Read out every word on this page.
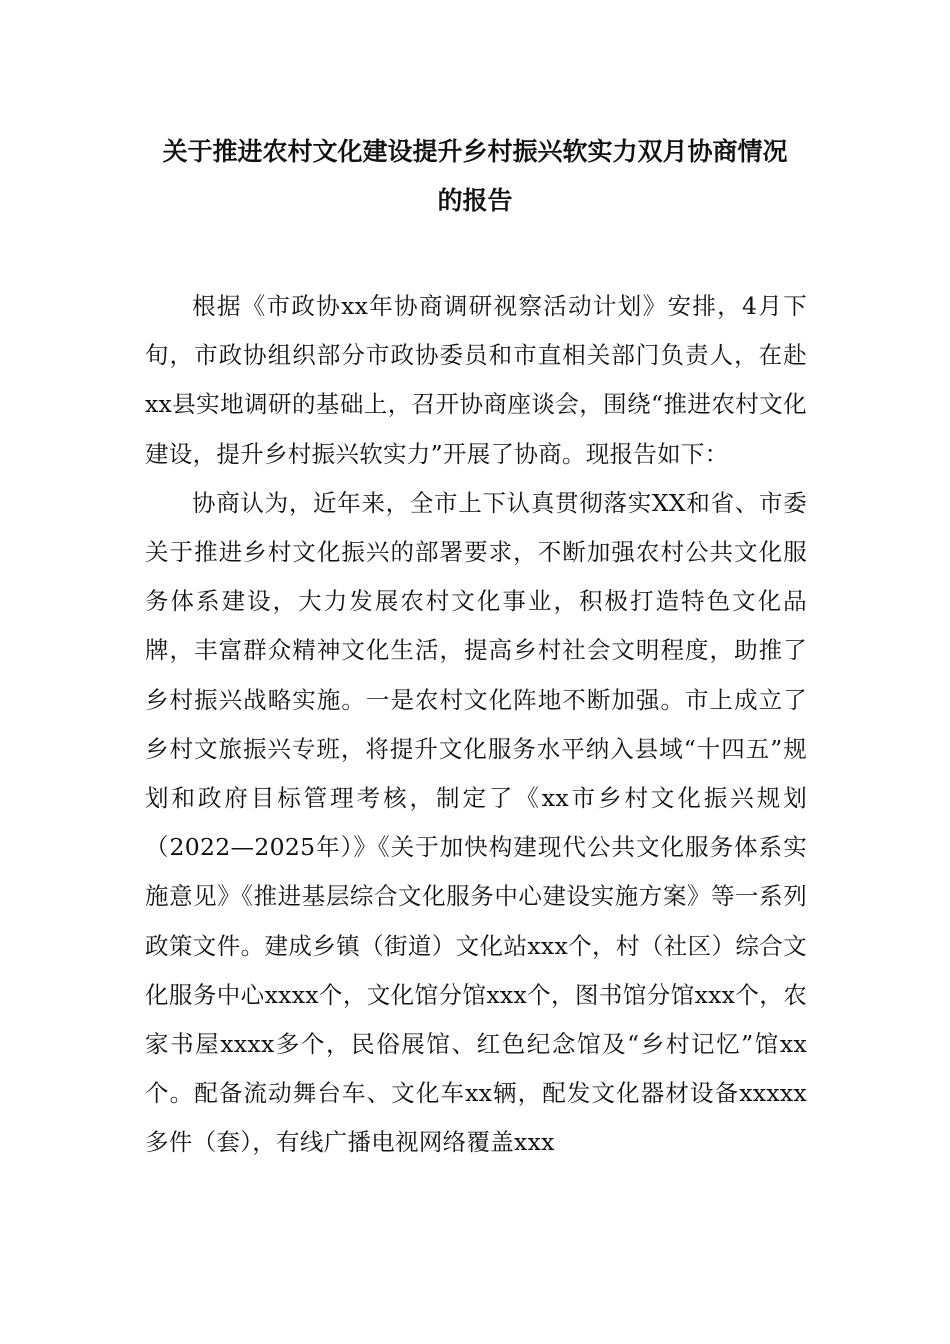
关于推进农村文化建设提升乡村振兴软实力双月协商情况
的报告

根据《市政协xx年协商调研视察活动计划》安排，4月下旬，市政协组织部分市政协委员和市直相关部门负责人，在赴xx县实地调研的基础上，召开协商座谈会，围绕“推进农村文化建设，提升乡村振兴软实力”开展了协商。现报告如下：

协商认为，近年来，全市上下认真贯彻落实XX和省、市委关于推进乡村文化振兴的部署要求，不断加强农村公共文化服务体系建设，大力发展农村文化事业，积极打造特色文化品牌，丰富群众精神文化生活，提高乡村社会文明程度，助推了乡村振兴战略实施。一是农村文化阵地不断加强。市上成立了乡村文旅振兴专班，将提升文化服务水平纳入县域“十四五”规划和政府目标管理考核，制定了《xx市乡村文化振兴规划（2022—2025年）》《关于加快构建现代公共文化服务体系实施意见》《推进基层综合文化服务中心建设实施方案》等一系列政策文件。建成乡镇（街道）文化站xxx个，村（社区）综合文化服务中心xxxx个，文化馆分馆xxx个，图书馆分馆xxx个，农家书屋xxxx多个，民俗展馆、红色纪念馆及“乡村记忆”馆xx个。配备流动舞台车、文化车xx辆，配发文化器材设备xxxxx多件（套），有线广播电视网络覆盖xxx
